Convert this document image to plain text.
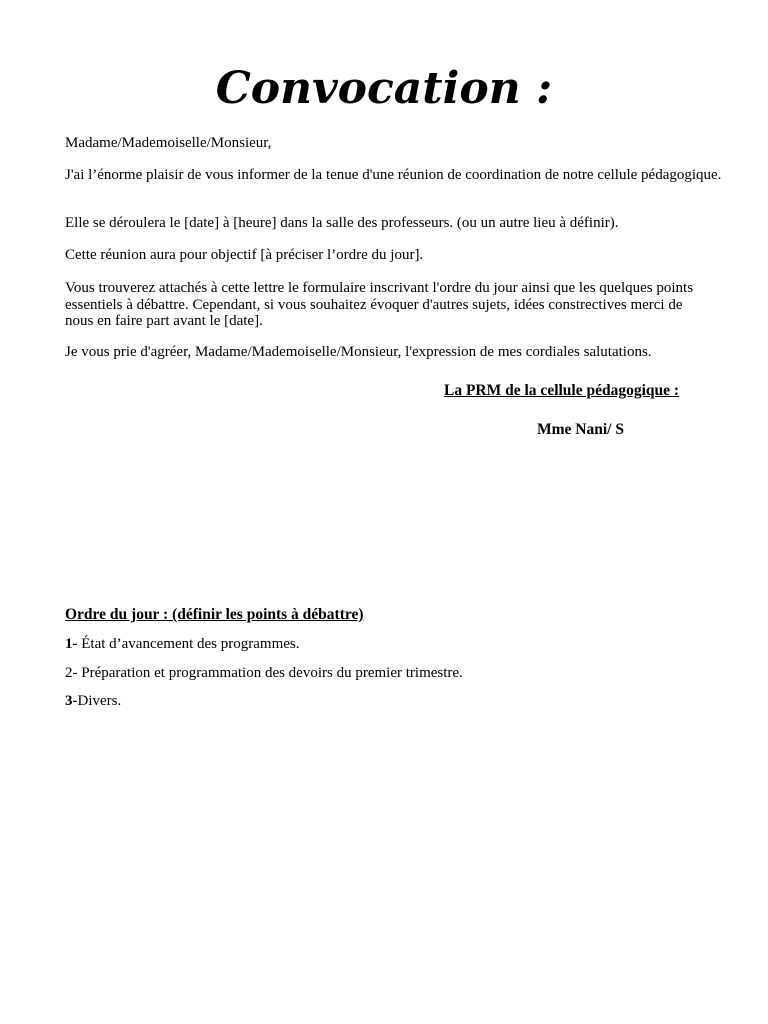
Convocation :
Madame/Mademoiselle/Monsieur,
J'ai l’énorme plaisir de vous informer de la tenue d'une réunion de coordination de notre cellule pédagogique.
Elle se déroulera le [date] à [heure] dans la salle des professeurs. (ou un autre lieu à définir).
Cette réunion aura pour objectif [à préciser l’ordre du jour].
Vous trouverez attachés à cette lettre le formulaire inscrivant l'ordre du jour ainsi que les quelques points essentiels à débattre. Cependant, si vous souhaitez évoquer d'autres sujets, idées constrectives merci de nous en faire part avant le [date].
Je vous prie d'agréer, Madame/Mademoiselle/Monsieur, l'expression de mes cordiales salutations.
La PRM de la cellule pédagogique :
Mme Nani/ S
Ordre du jour : (définir les points à débattre)
1- État d’avancement des programmes.
2- Préparation et programmation des devoirs du premier trimestre.
3-Divers.
